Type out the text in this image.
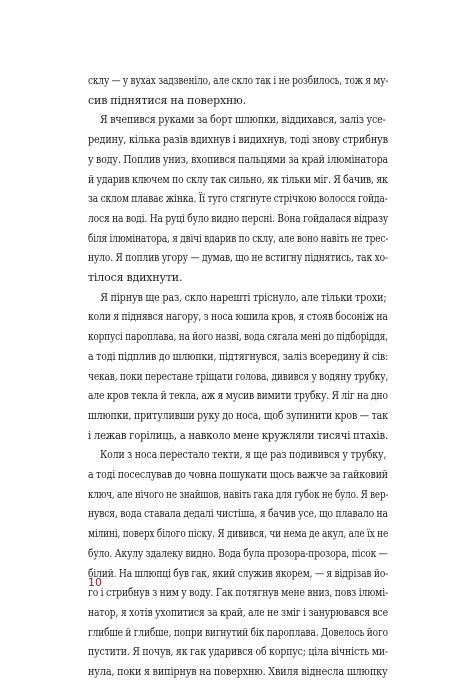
склу — у вухах задзвеніло, але скло так і не розбилось, тож я му-
сив піднятися на поверхню.
Я вчепився руками за борт шлюпки, віддихався, заліз усе-
редину, кілька разів вдихнув і видихнув, тоді знову стрибнув
у воду. Поплив униз, вхопився пальцями за край ілюмінатора
й ударив ключем по склу так сильно, як тільки міг. Я бачив, як
за склом плаває жінка. Її туго стягнуте стрічкою волосся гойда-
лося на воді. На руці було видно персні. Вона гойдалася відразу
біля ілюмінатора, я двічі вдарив по склу, але воно навіть не трес-
нуло. Я поплив угору — думав, що не встигну піднятись, так хо-
тілося вдихнути.
Я пірнув ще раз, скло нарешті тріснуло, але тільки трохи;
коли я піднявся нагору, з носа юшила кров, я стояв босоніж на
корпусі пароплава, на його назві, вода сягала мені до підборіддя,
а тоді підплив до шлюпки, підтягнувся, заліз всередину й сів:
чекав, поки перестане тріщати голова, дивився у водяну трубку,
але кров текла й текла, аж я мусив вимити трубку. Я ліг на дно
шлюпки, притуливши руку до носа, щоб зупинити кров — так
і лежав горілиць, а навколо мене кружляли тисячі птахів.
Коли з носа перестало текти, я ще раз подивився у трубку,
а тоді посеслував до човна пошукати щось важче за гайковий
ключ, але нічого не знайшов, навіть гака для губок не було. Я вер-
нувся, вода ставала дедалі чистіша, я бачив усе, що плавало на
мілині, поверх білого піску. Я дивився, чи нема де акул, але їх не
було. Акулу здалеку видно. Вода була прозора-прозора, пісок —
білий. На шлюпці був гак, який служив якорем, — я відрізав йо-
го і стрибнув з ним у воду. Гак потягнув мене вниз, повз ілюмі-
натор, я хотів ухопитися за край, але не зміг і занурювався все
глибше й глибше, попри вигнутий бік пароплава. Довелось його
пустити. Я почув, як гак ударився об корпус; ціла вічність ми-
нула, поки я випірнув на поверхню. Хвиля віднесла шлюпку
10
